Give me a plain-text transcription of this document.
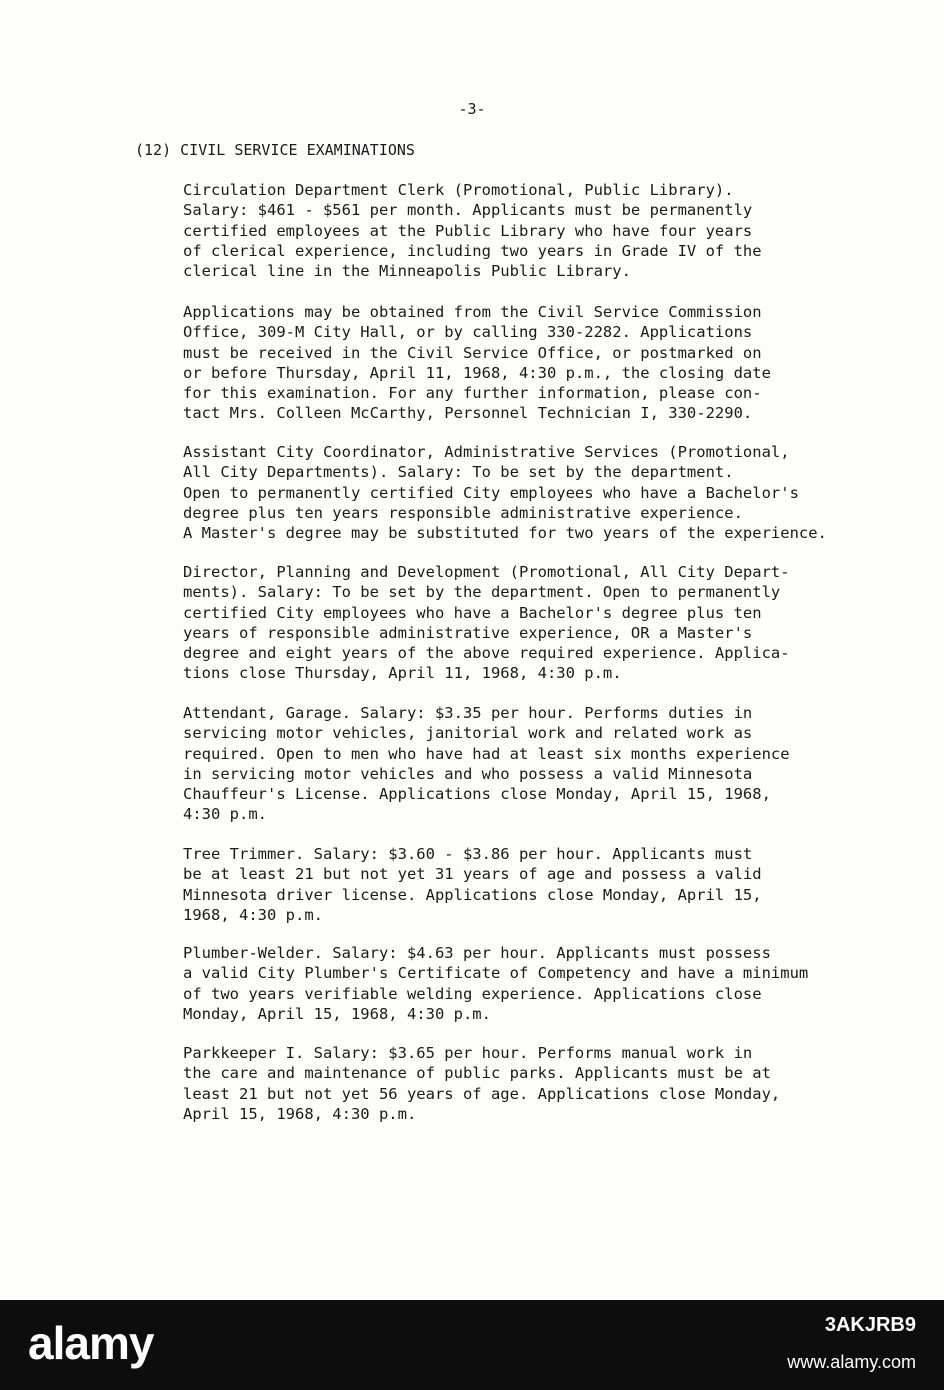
-3-
(12) CIVIL SERVICE EXAMINATIONS
Circulation Department Clerk (Promotional, Public Library).
Salary: $461 - $561 per month. Applicants must be permanently
certified employees at the Public Library who have four years
of clerical experience, including two years in Grade IV of the
clerical line in the Minneapolis Public Library.
Applications may be obtained from the Civil Service Commission
Office, 309-M City Hall, or by calling 330-2282. Applications
must be received in the Civil Service Office, or postmarked on
or before Thursday, April 11, 1968, 4:30 p.m., the closing date
for this examination. For any further information, please con-
tact Mrs. Colleen McCarthy, Personnel Technician I, 330-2290.
Assistant City Coordinator, Administrative Services (Promotional,
All City Departments). Salary: To be set by the department.
Open to permanently certified City employees who have a Bachelor's
degree plus ten years responsible administrative experience.
A Master's degree may be substituted for two years of the experience.
Director, Planning and Development (Promotional, All City Depart-
ments). Salary: To be set by the department. Open to permanently
certified City employees who have a Bachelor's degree plus ten
years of responsible administrative experience, OR a Master's
degree and eight years of the above required experience. Applica-
tions close Thursday, April 11, 1968, 4:30 p.m.
Attendant, Garage. Salary: $3.35 per hour. Performs duties in
servicing motor vehicles, janitorial work and related work as
required. Open to men who have had at least six months experience
in servicing motor vehicles and who possess a valid Minnesota
Chauffeur's License. Applications close Monday, April 15, 1968,
4:30 p.m.
Tree Trimmer. Salary: $3.60 - $3.86 per hour. Applicants must
be at least 21 but not yet 31 years of age and possess a valid
Minnesota driver license. Applications close Monday, April 15,
1968, 4:30 p.m.
Plumber-Welder. Salary: $4.63 per hour. Applicants must possess
a valid City Plumber's Certificate of Competency and have a minimum
of two years verifiable welding experience. Applications close
Monday, April 15, 1968, 4:30 p.m.
Parkkeeper I. Salary: $3.65 per hour. Performs manual work in
the care and maintenance of public parks. Applicants must be at
least 21 but not yet 56 years of age. Applications close Monday,
April 15, 1968, 4:30 p.m.
alamy	3AKJRB9
www.alamy.com
